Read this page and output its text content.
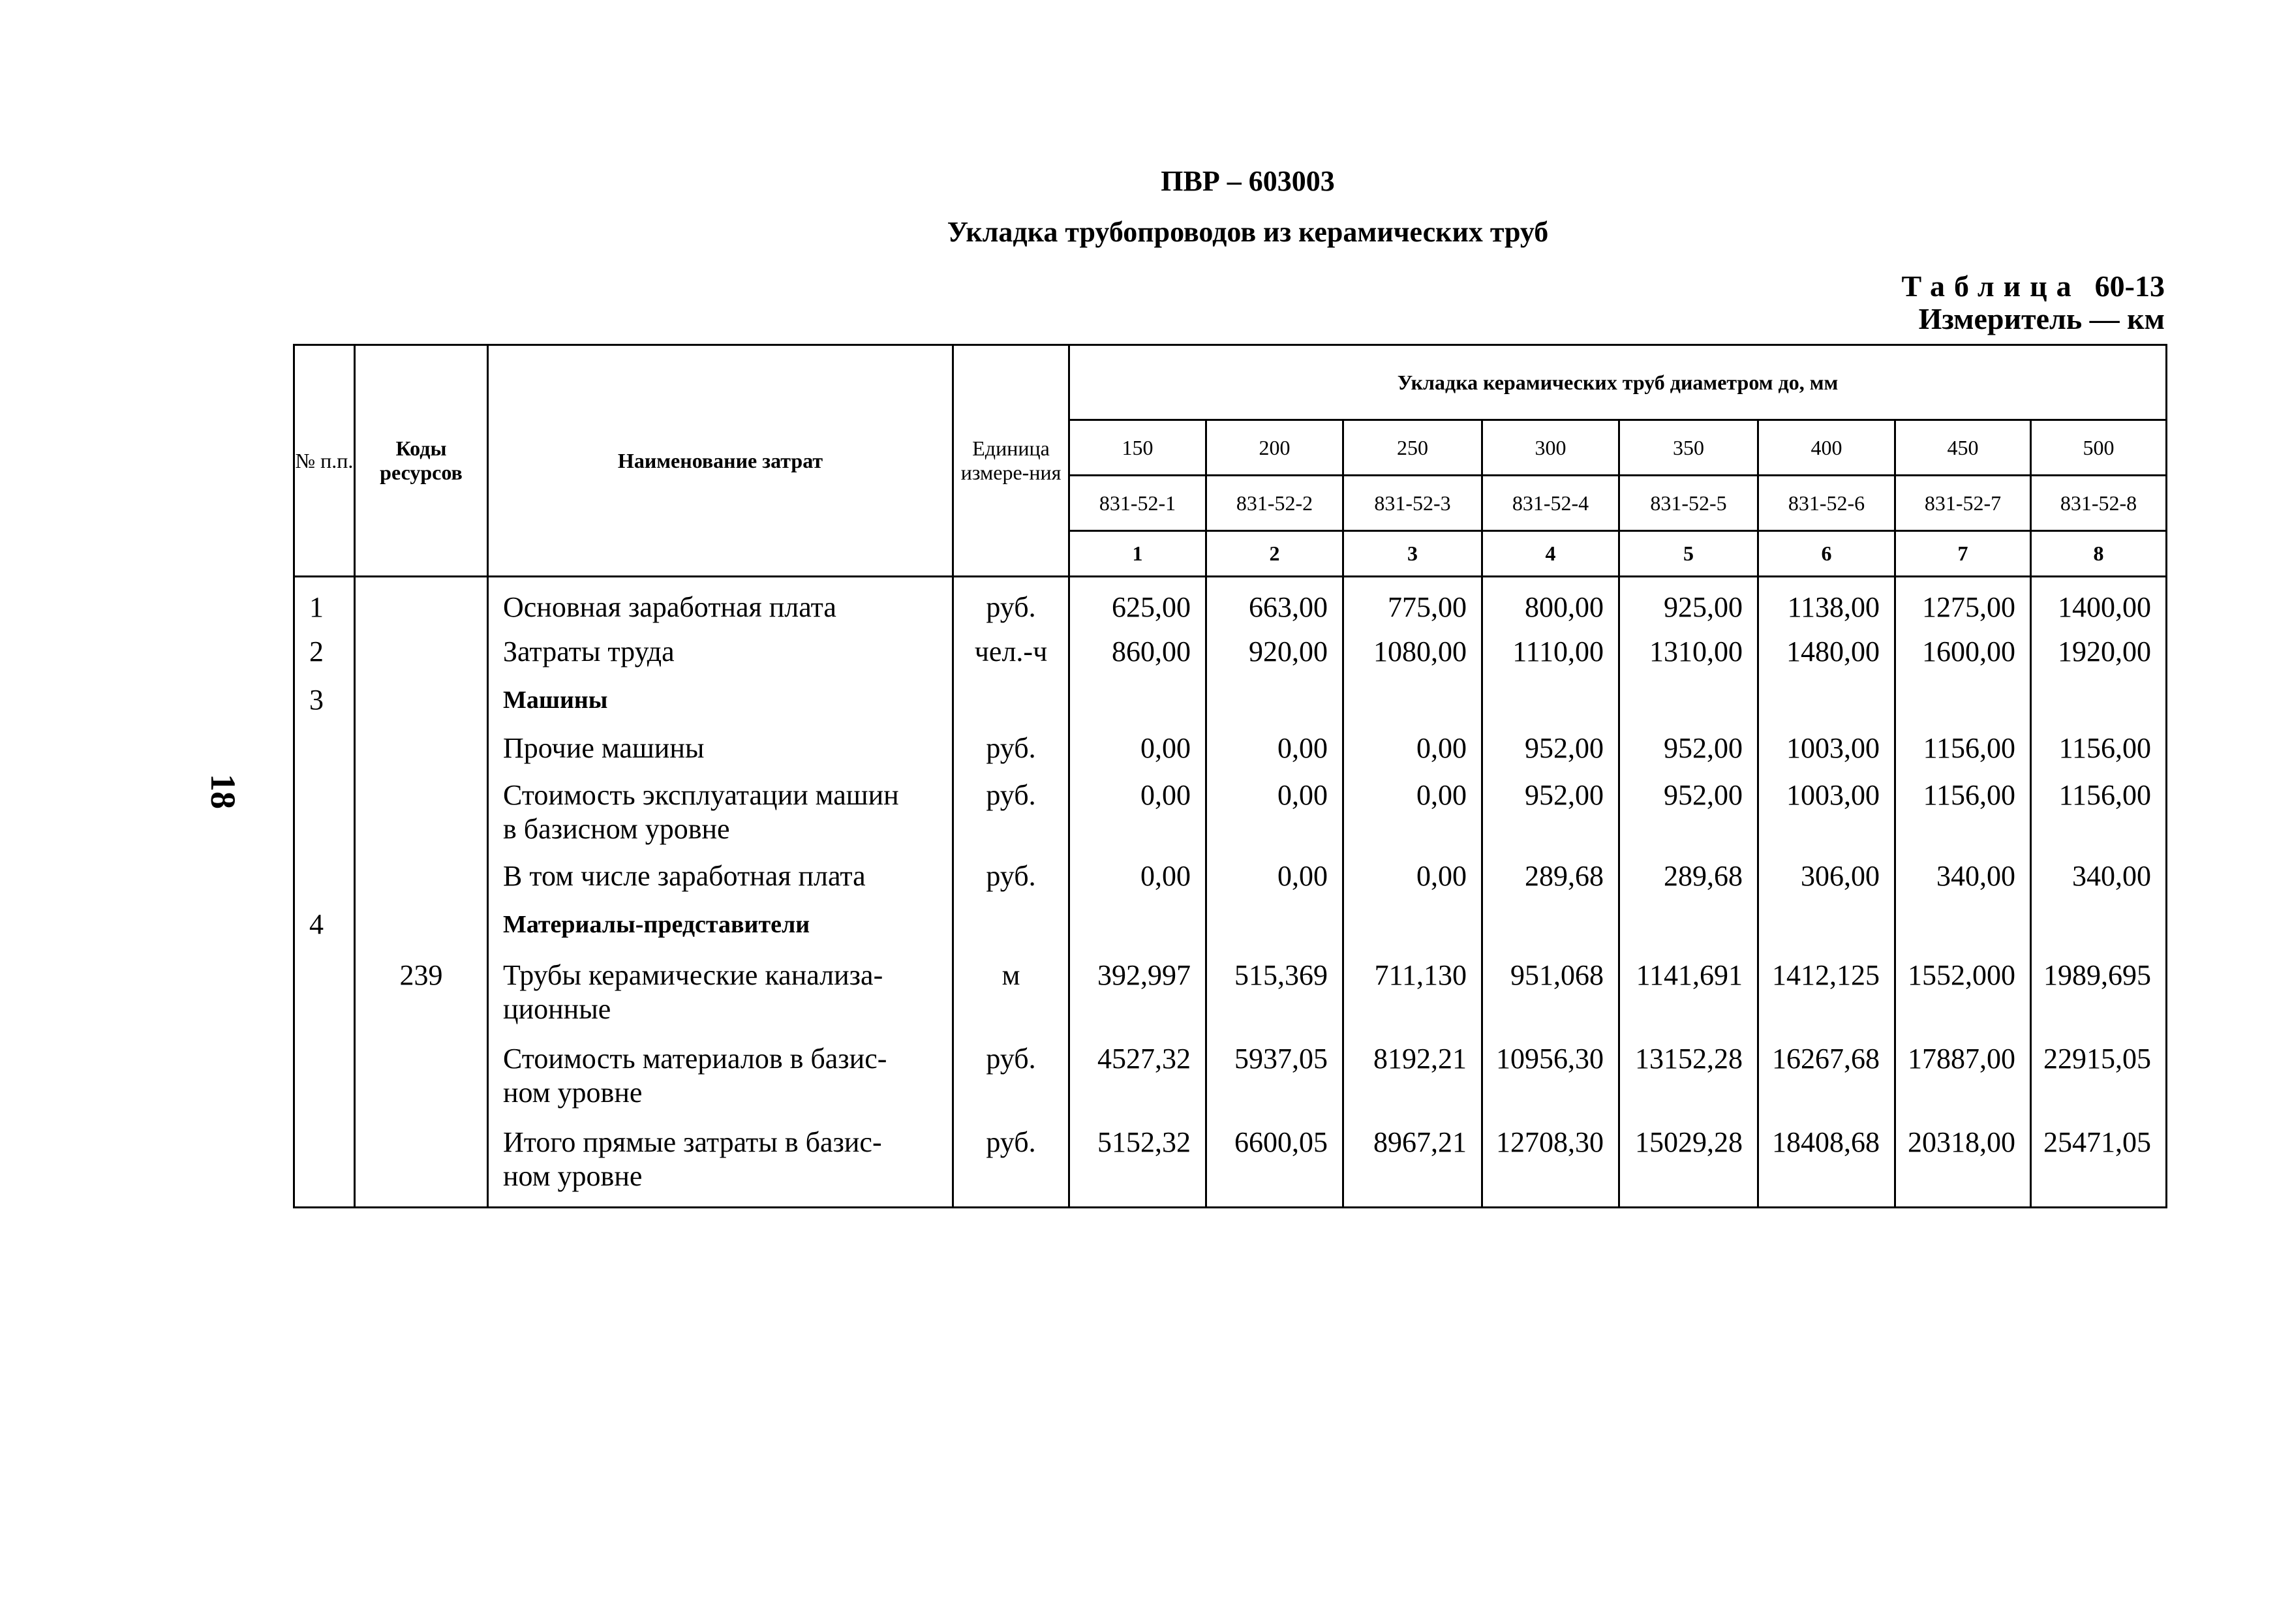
ПВР – 603003
Укладка трубопроводов из керамических труб
Таблица 60-13
Измеритель — км
18
№ п.п.	Коды ресурсов	Наименование затрат	Единица измере-ния	Укладка керамических труб диаметром до, мм							
				150	200	250	300	350	400	450	500
				831-52-1	831-52-2	831-52-3	831-52-4	831-52-5	831-52-6	831-52-7	831-52-8
				1	2	3	4	5	6	7	8
1		Основная заработная плата	руб.	625,00	663,00	775,00	800,00	925,00	1138,00	1275,00	1400,00
2		Затраты труда	чел.-ч	860,00	920,00	1080,00	1110,00	1310,00	1480,00	1600,00	1920,00
3		Машины									

		Прочие машины	руб.	0,00	0,00	0,00	952,00	952,00	1003,00	1156,00	1156,00

		Стоимость эксплуатации машин
в базисном уровне	руб.	0,00	0,00	0,00	952,00	952,00	1003,00	1156,00	1156,00

		В том числе заработная плата	руб.	0,00	0,00	0,00	289,68	289,68	306,00	340,00	340,00
4		Материалы-представители									

	239	Трубы керамические канализа-
ционные	м	392,997	515,369	711,130	951,068	1141,691	1412,125	1552,000	1989,695

		Стоимость материалов в базис-
ном уровне	руб.	4527,32	5937,05	8192,21	10956,30	13152,28	16267,68	17887,00	22915,05

		Итого прямые затраты в базис-
ном уровне	руб.	5152,32	6600,05	8967,21	12708,30	15029,28	18408,68	20318,00	25471,05
